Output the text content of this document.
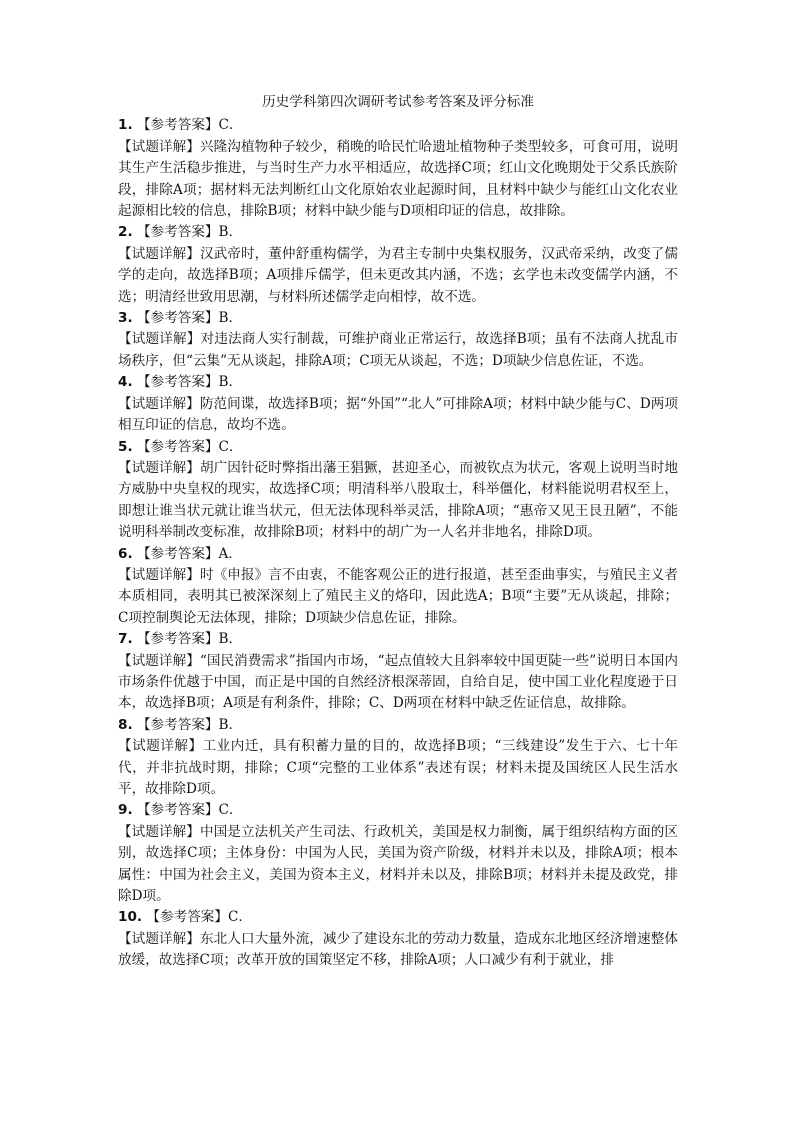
历史学科第四次调研考试参考答案及评分标准
1. 【参考答案】C．
【试题详解】兴隆沟植物种子较少，稍晚的哈民忙哈遗址植物种子类型较多，可食可用，说明其生产生活稳步推进，与当时生产力水平相适应，故选择C项；红山文化晚期处于父系氏族阶段，排除A项；据材料无法判断红山文化原始农业起源时间，且材料中缺少与能红山文化农业起源相比较的信息，排除B项；材料中缺少能与D项相印证的信息，故排除。
2. 【参考答案】B．
【试题详解】汉武帝时，董仲舒重构儒学，为君主专制中央集权服务，汉武帝采纳，改变了儒学的走向，故选择B项；A项排斥儒学，但未更改其内涵，不选；玄学也未改变儒学内涵，不选；明清经世致用思潮，与材料所述儒学走向相悖，故不选。
3. 【参考答案】B．
【试题详解】对违法商人实行制裁，可维护商业正常运行，故选择B项；虽有不法商人扰乱市场秩序，但“云集”无从谈起，排除A项；C项无从谈起，不选；D项缺少信息佐证，不选。
4. 【参考答案】B．
【试题详解】防范间谍，故选择B项；据“外国”“北人”可排除A项；材料中缺少能与C、D两项相互印证的信息，故均不选。
5. 【参考答案】C．
【试题详解】胡广因针砭时弊指出藩王猖獗，甚迎圣心，而被钦点为状元，客观上说明当时地方威胁中央皇权的现实，故选择C项；明清科举八股取士，科举僵化，材料能说明君权至上，即想让谁当状元就让谁当状元，但无法体现科举灵活，排除A项；“惠帝又见王艮丑陋”，不能说明科举制改变标准，故排除B项；材料中的胡广为一人名并非地名，排除D项。
6. 【参考答案】A．
【试题详解】时《申报》言不由衷，不能客观公正的进行报道，甚至歪曲事实，与殖民主义者本质相同，表明其已被深深刻上了殖民主义的烙印，因此选A；B项“主要”无从谈起，排除；C项控制舆论无法体现，排除；D项缺少信息佐证，排除。
7. 【参考答案】B．
【试题详解】“国民消费需求”指国内市场，“起点值较大且斜率较中国更陡一些”说明日本国内市场条件优越于中国，而正是中国的自然经济根深蒂固，自给自足，使中国工业化程度逊于日本，故选择B项；A项是有利条件，排除；C、D两项在材料中缺乏佐证信息，故排除。
8. 【参考答案】B．
【试题详解】工业内迁，具有积蓄力量的目的，故选择B项；“三线建设”发生于六、七十年代，并非抗战时期，排除；C项“完整的工业体系”表述有误；材料未提及国统区人民生活水平，故排除D项。
9. 【参考答案】C．
【试题详解】中国是立法机关产生司法、行政机关，美国是权力制衡，属于组织结构方面的区别，故选择C项；主体身份：中国为人民，美国为资产阶级，材料并未以及，排除A项；根本属性：中国为社会主义，美国为资本主义，材料并未以及，排除B项；材料并未提及政党，排除D项。
10. 【参考答案】C．
【试题详解】东北人口大量外流，减少了建设东北的劳动力数量，造成东北地区经济增速整体放缓，故选择C项；改革开放的国策坚定不移，排除A项；人口减少有利于就业，排
